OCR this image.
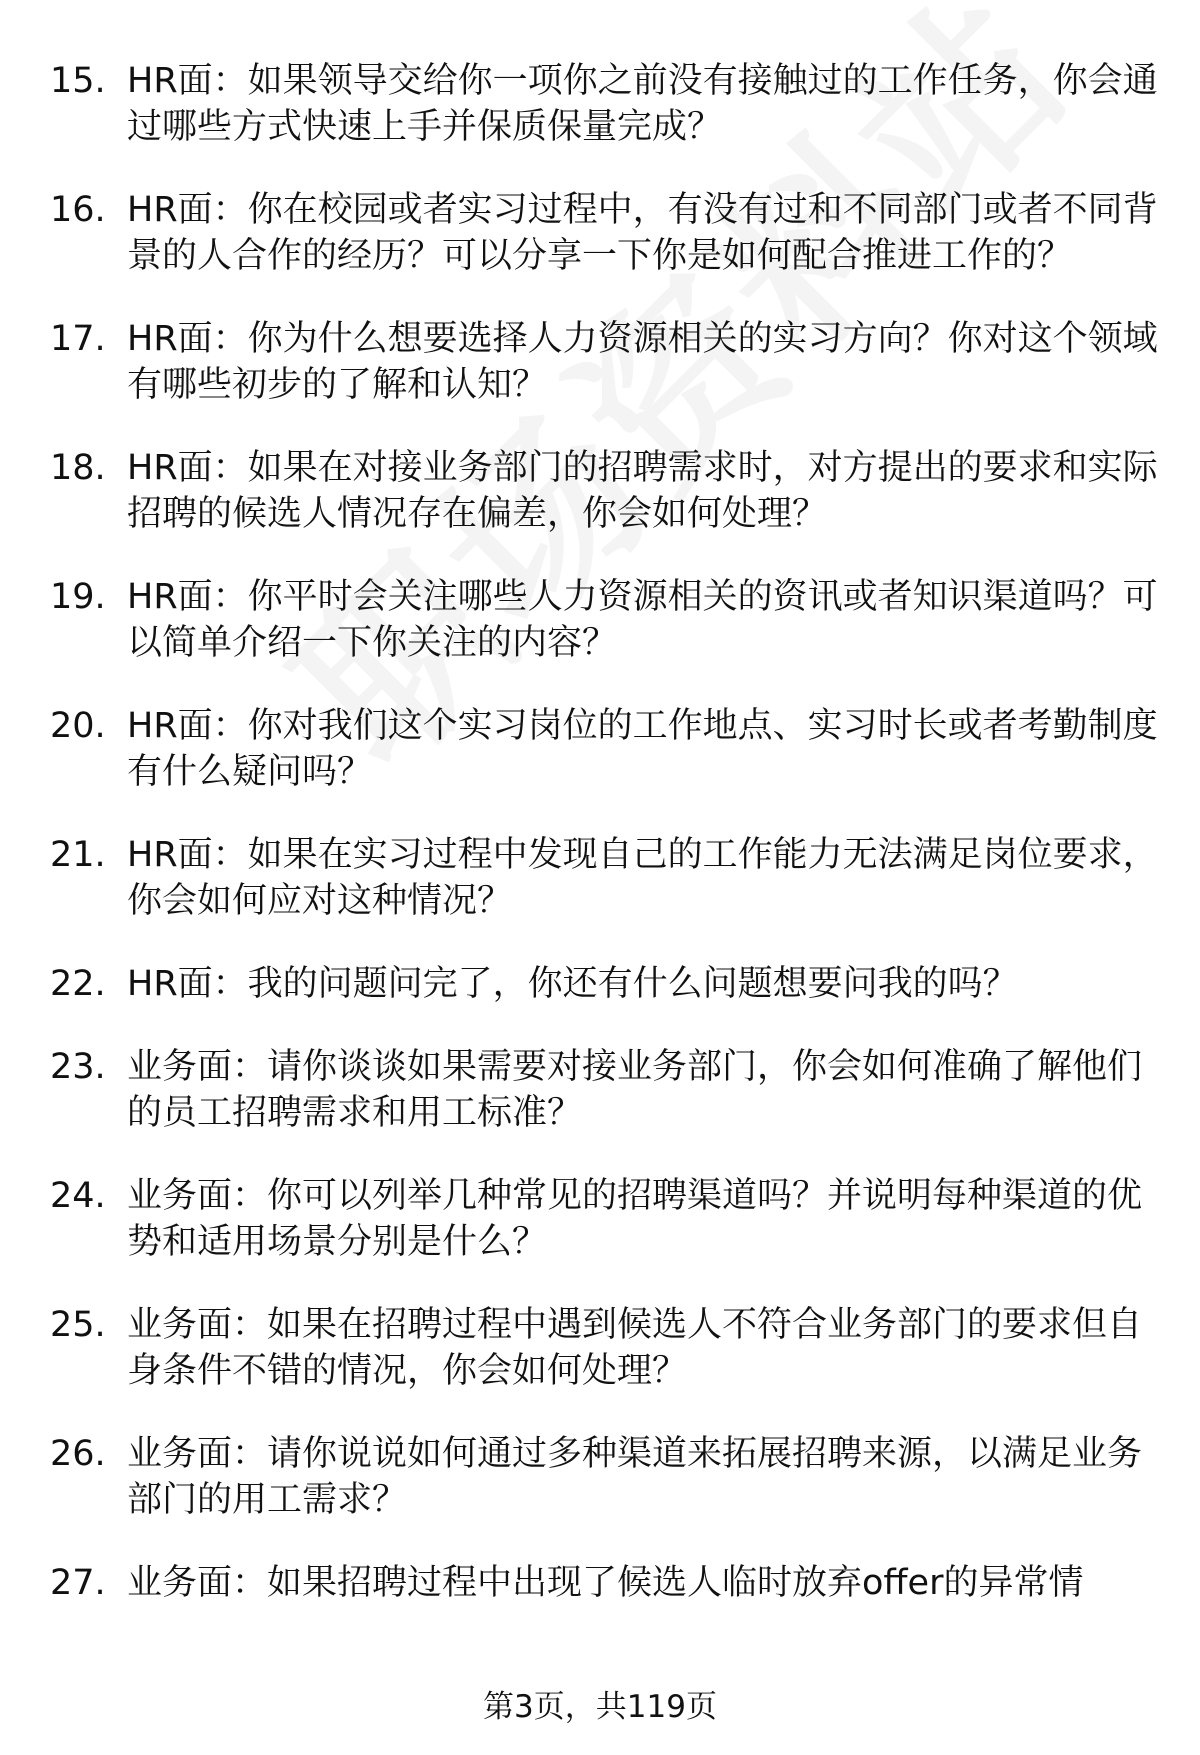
15. HR面：如果领导交给你一项你之前没有接触过的工作任务，你会通过哪些方式快速上手并保质保量完成？
16. HR面：你在校园或者实习过程中，有没有过和不同部门或者不同背景的人合作的经历？可以分享一下你是如何配合推进工作的？
17. HR面：你为什么想要选择人力资源相关的实习方向？你对这个领域有哪些初步的了解和认知？
18. HR面：如果在对接业务部门的招聘需求时，对方提出的要求和实际招聘的候选人情况存在偏差，你会如何处理？
19. HR面：你平时会关注哪些人力资源相关的资讯或者知识渠道吗？可以简单介绍一下你关注的内容？
20. HR面：你对我们这个实习岗位的工作地点、实习时长或者考勤制度有什么疑问吗？
21. HR面：如果在实习过程中发现自己的工作能力无法满足岗位要求，你会如何应对这种情况？
22. HR面：我的问题问完了，你还有什么问题想要问我的吗？
23. 业务面：请你谈谈如果需要对接业务部门，你会如何准确了解他们的员工招聘需求和用工标准？
24. 业务面：你可以列举几种常见的招聘渠道吗？并说明每种渠道的优势和适用场景分别是什么？
25. 业务面：如果在招聘过程中遇到候选人不符合业务部门的要求但自身条件不错的情况，你会如何处理？
26. 业务面：请你说说如何通过多种渠道来拓展招聘来源，以满足业务部门的用工需求？
27. 业务面：如果招聘过程中出现了候选人临时放弃offer的异常情
第3页，共119页
